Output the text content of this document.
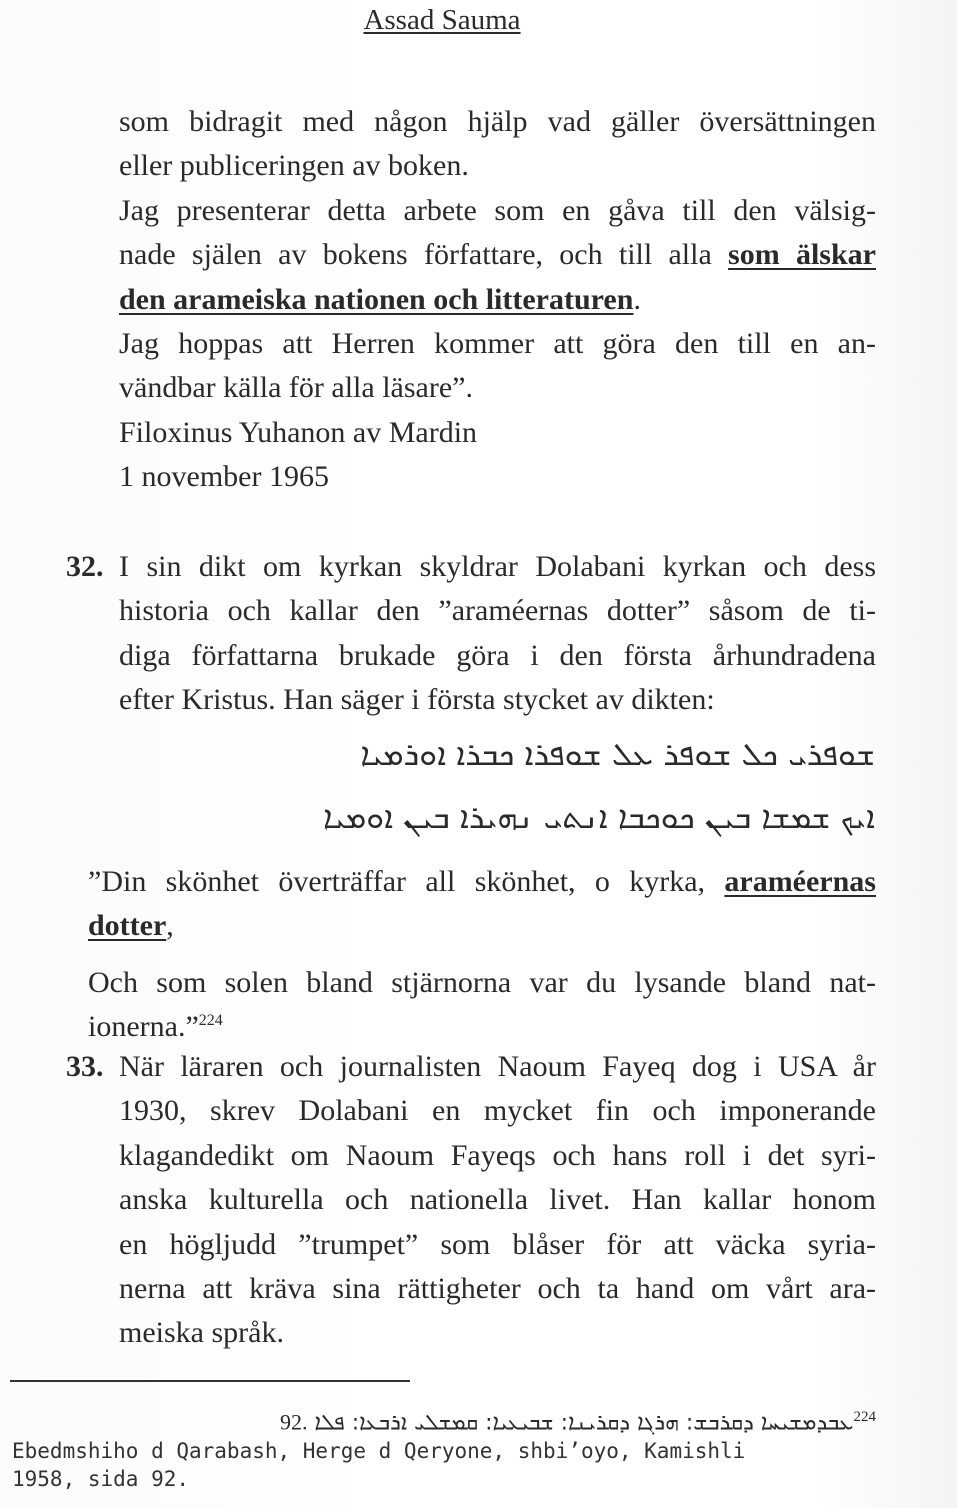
Assad Sauma
som bidragit med någon hjälp vad gäller översättningen
eller publiceringen av boken.
Jag presenterar detta arbete som en gåva till den välsig-
nade själen av bokens författare, och till alla som älskar
den arameiska nationen och litteraturen.
Jag hoppas att Herren kommer att göra den till en an-
vändbar källa för alla läsare”.
Filoxinus Yuhanon av Mardin
1 november 1965
32. I sin dikt om kyrkan skyldrar Dolabani kyrkan och dess
historia och kallar den ”araméernas dotter” såsom de ti-
diga författarna brukade göra i den första århundradena
efter Kristus. Han säger i första stycket av dikten:
ܫܘܦܪܝ ܟܠ ܫܘܦܪ ܥܠ ܫܘܦܪܐ ܟܒܪܐ ܐܘܪܡܝܐ
ܐܝܟ ܫܡܫܐ ܒܝܢ ܟܘܟܒܐ ܐܢܬܝ ܢܗܝܪܐ ܒܝܢ ܐܘܡܝܐ
”Din skönhet överträffar all skönhet, o kyrka, araméernas
dotter,
Och som solen bland stjärnorna var du lysande bland nat-
ionerna.”$^{224}$
33. När läraren och journalisten Naoum Fayeq dog i USA år
1930, skrev Dolabani en mycket fin och imponerande
klagandedikt om Naoum Fayeqs och hans roll i det syri-
anska kulturella och nationella livet. Han kallar honom
en högljudd ”trumpet” som blåser för att väcka syria-
nerna att kräva sina rättigheter och ta hand om vårt ara-
meiska språk.
$^{224}$ܥܒܕܡܫܝܚܐ ܕܩܪܒܫ: ܗܪܓܐ ܕܩܪܝܢܐ: ܫܒܝܥܝܐ: ܩܡܫܠܝ ܐܪܒܥܐ: ܦܠܐ .92
Ebedmshiho d Qarabash, Herge d Qeryone, shbi’oyo, Kamishli
1958, sida 92.
